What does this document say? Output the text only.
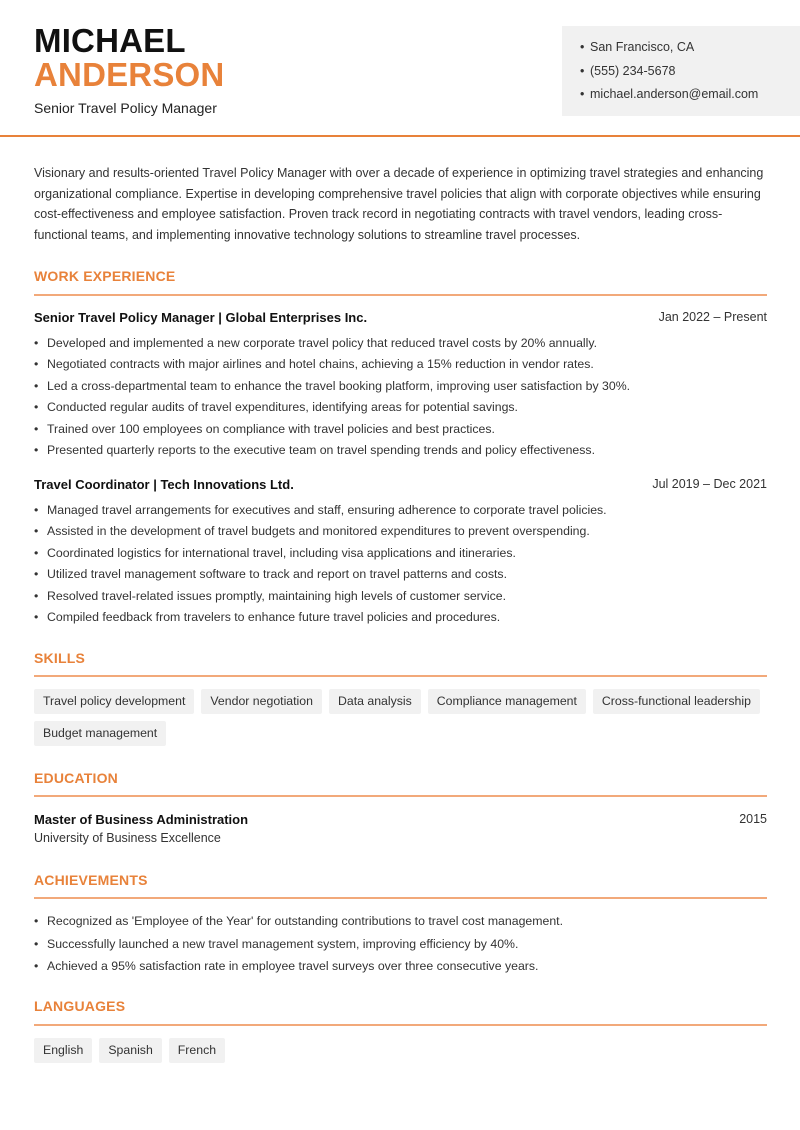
MICHAEL
ANDERSON
Senior Travel Policy Manager
• San Francisco, CA
• (555) 234-5678
• michael.anderson@email.com

Visionary and results-oriented Travel Policy Manager with over a decade of experience in optimizing travel strategies and enhancing organizational compliance. Expertise in developing comprehensive travel policies that align with corporate objectives while ensuring cost-effectiveness and employee satisfaction. Proven track record in negotiating contracts with travel vendors, leading cross-functional teams, and implementing innovative technology solutions to streamline travel processes.

WORK EXPERIENCE
Senior Travel Policy Manager | Global Enterprises Inc.	Jan 2022 – Present
• Developed and implemented a new corporate travel policy that reduced travel costs by 20% annually.
• Negotiated contracts with major airlines and hotel chains, achieving a 15% reduction in vendor rates.
• Led a cross-departmental team to enhance the travel booking platform, improving user satisfaction by 30%.
• Conducted regular audits of travel expenditures, identifying areas for potential savings.
• Trained over 100 employees on compliance with travel policies and best practices.
• Presented quarterly reports to the executive team on travel spending trends and policy effectiveness.
Travel Coordinator | Tech Innovations Ltd.	Jul 2019 – Dec 2021
• Managed travel arrangements for executives and staff, ensuring adherence to corporate travel policies.
• Assisted in the development of travel budgets and monitored expenditures to prevent overspending.
• Coordinated logistics for international travel, including visa applications and itineraries.
• Utilized travel management software to track and report on travel patterns and costs.
• Resolved travel-related issues promptly, maintaining high levels of customer service.
• Compiled feedback from travelers to enhance future travel policies and procedures.
SKILLS
Travel policy development	Vendor negotiation	Data analysis	Compliance management	Cross-functional leadership
Budget management
EDUCATION
Master of Business Administration	2015
University of Business Excellence
ACHIEVEMENTS
• Recognized as 'Employee of the Year' for outstanding contributions to travel cost management.
• Successfully launched a new travel management system, improving efficiency by 40%.
• Achieved a 95% satisfaction rate in employee travel surveys over three consecutive years.
LANGUAGES
English	Spanish	French
